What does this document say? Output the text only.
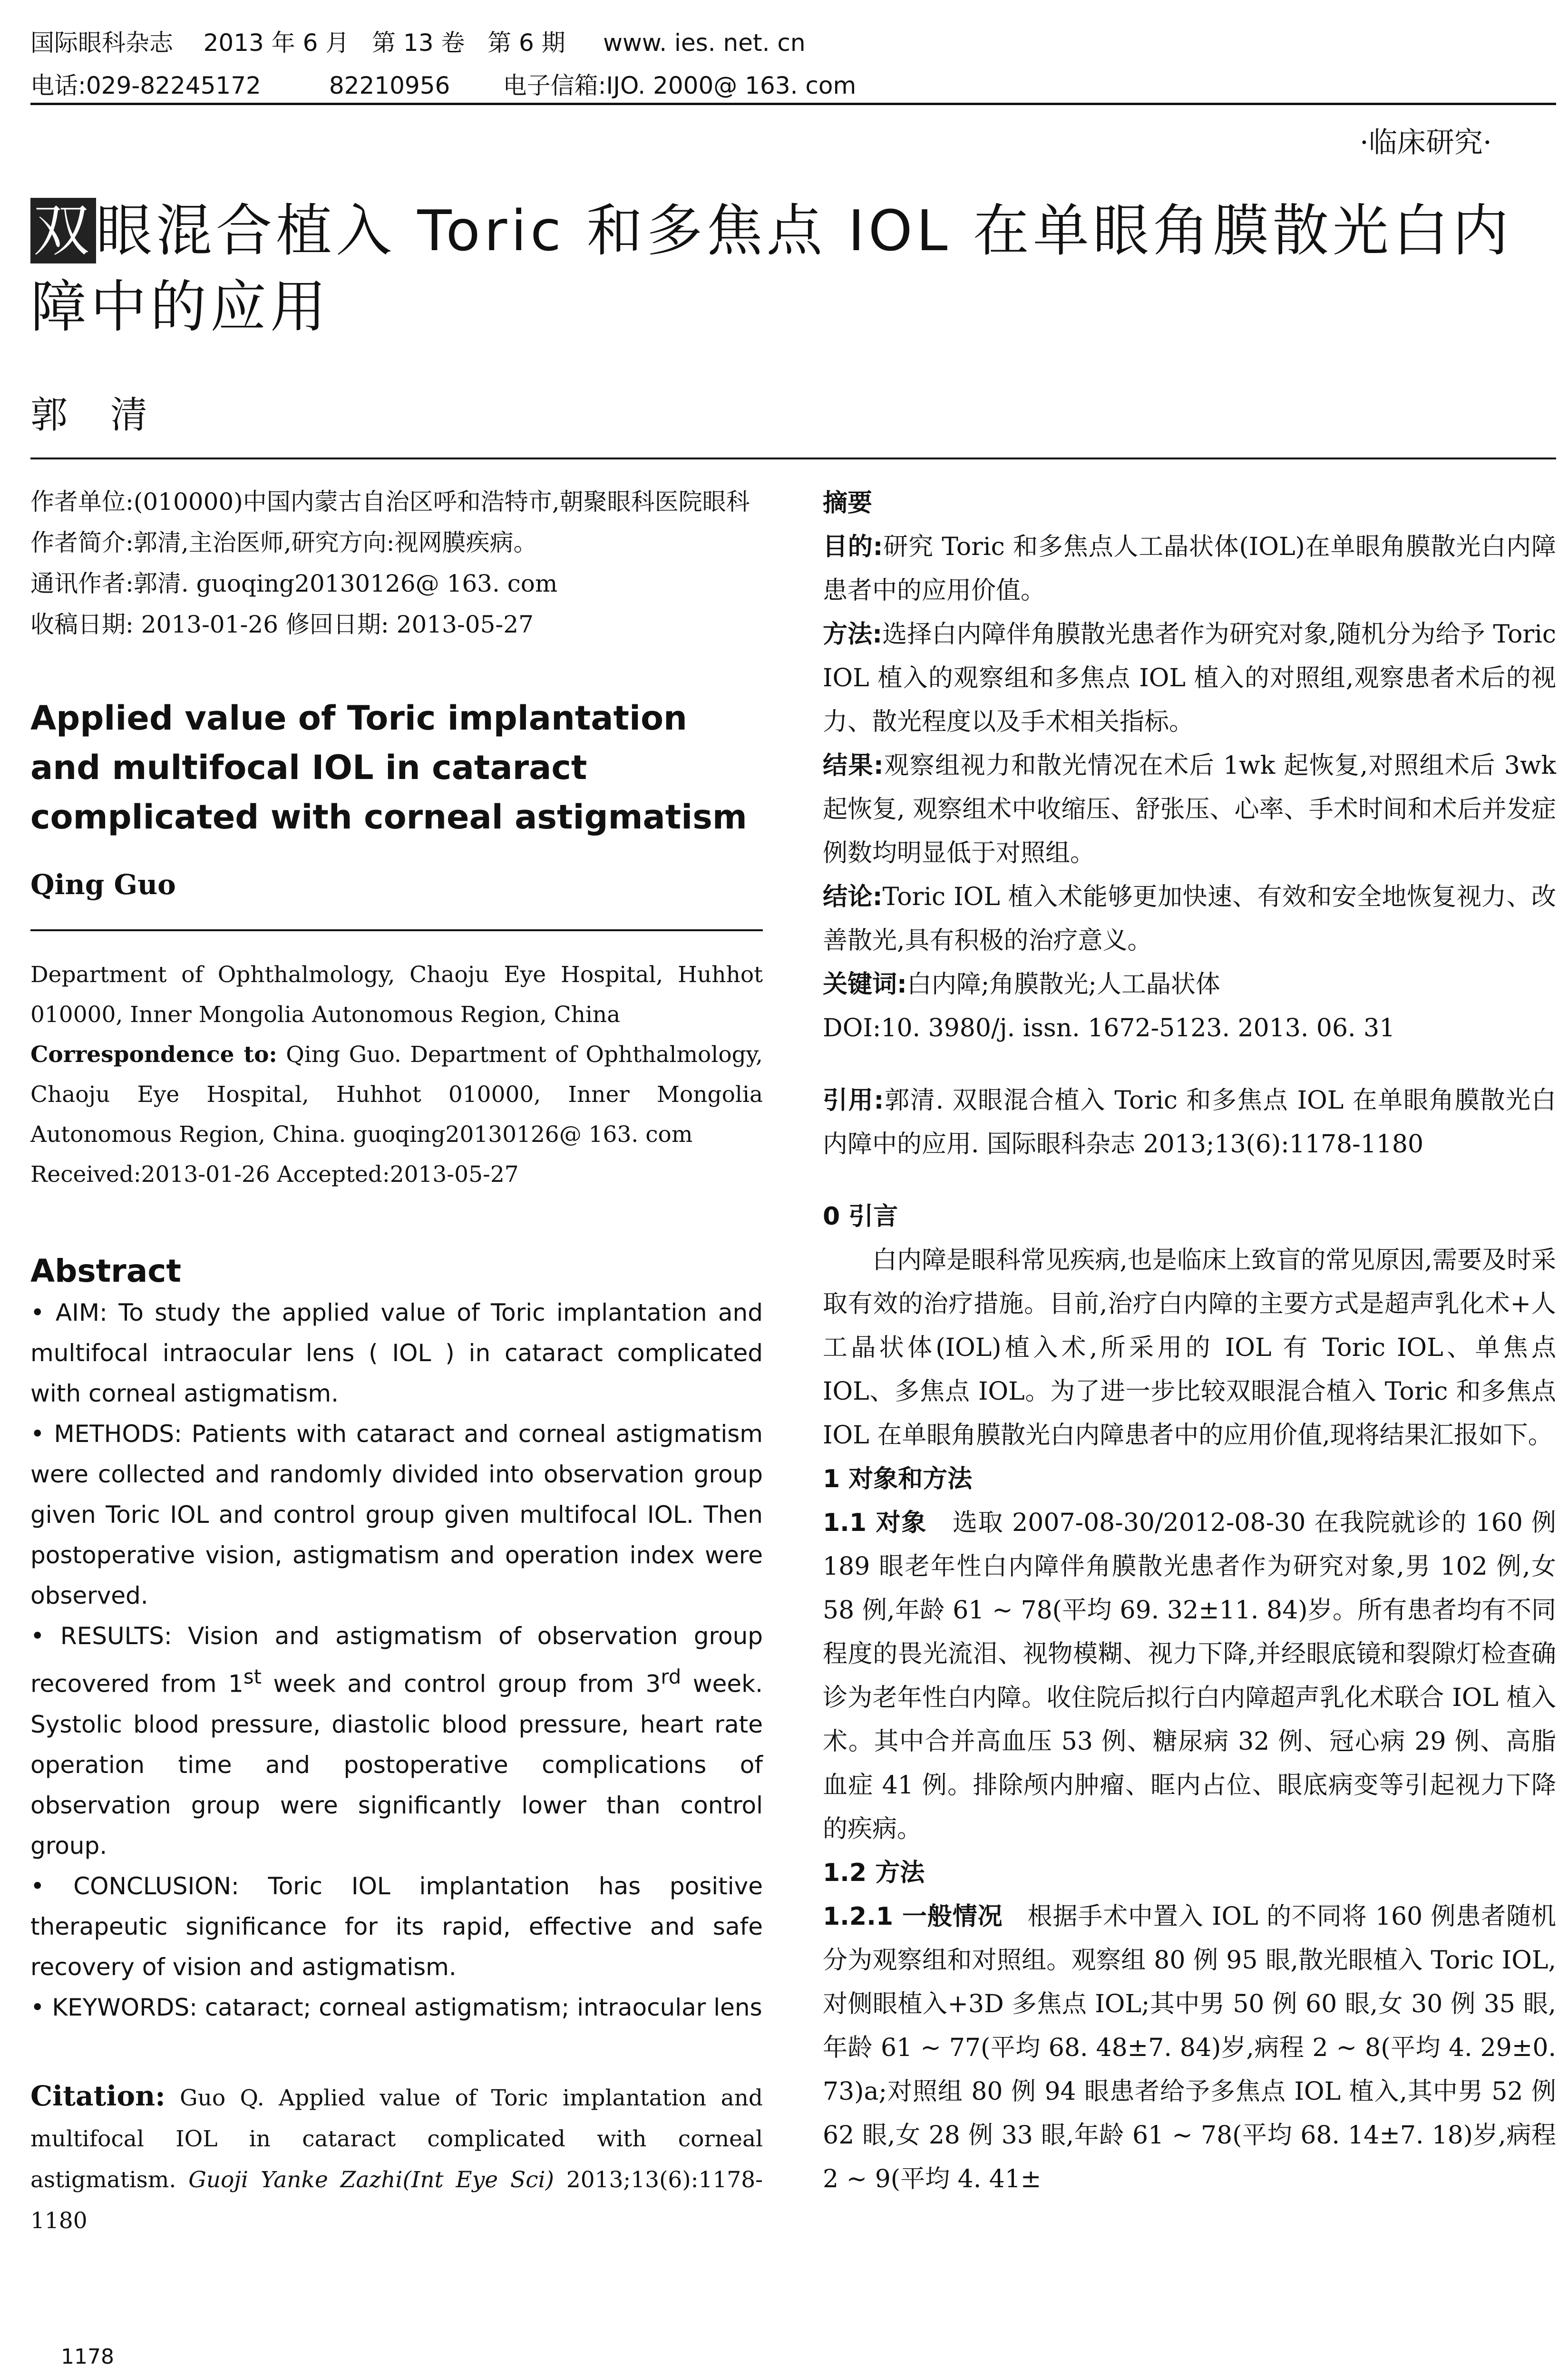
国际眼科杂志    2013 年 6 月   第 13 卷   第 6 期     www. ies. net. cn
电话:029-82245172         82210956       电子信箱:IJO. 2000@ 163. com
·临床研究·
双眼混合植入 Toric 和多焦点 IOL 在单眼角膜散光白内障中的应用
郭清

作者单位:(010000)中国内蒙古自治区呼和浩特市,朝聚眼科医院眼科

作者简介:郭清,主治医师,研究方向:视网膜疾病。

通讯作者:郭清. guoqing20130126@ 163. com

收稿日期: 2013-01-26 修回日期: 2013-05-27

Applied value of Toric implantation and multifocal IOL in cataract complicated with corneal astigmatism
Qing Guo

Department of Ophthalmology, Chaoju Eye Hospital, Huhhot 010000, Inner Mongolia Autonomous Region, China

Correspondence to: Qing Guo. Department of Ophthalmology, Chaoju Eye Hospital, Huhhot 010000, Inner Mongolia Autonomous Region, China. guoqing20130126@ 163. com

Received:2013-01-26 Accepted:2013-05-27

Abstract

• AIM: To study the applied value of Toric implantation and multifocal intraocular lens ( IOL ) in cataract complicated with corneal astigmatism.

• METHODS: Patients with cataract and corneal astigmatism were collected and randomly divided into observation group given Toric IOL and control group given multifocal IOL. Then postoperative vision, astigmatism and operation index were observed.

• RESULTS: Vision and astigmatism of observation group recovered from 1st week and control group from 3rd week. Systolic blood pressure, diastolic blood pressure, heart rate operation time and postoperative complications of observation group were significantly lower than control group.

• CONCLUSION: Toric IOL implantation has positive therapeutic significance for its rapid, effective and safe recovery of vision and astigmatism.

• KEYWORDS: cataract; corneal astigmatism; intraocular lens

Citation: Guo Q. Applied value of Toric implantation and multifocal IOL in cataract complicated with corneal astigmatism. Guoji Yanke Zazhi(Int Eye Sci) 2013;13(6):1178-1180

1178

摘要

目的:研究 Toric 和多焦点人工晶状体(IOL)在单眼角膜散光白内障患者中的应用价值。

方法:选择白内障伴角膜散光患者作为研究对象,随机分为给予 Toric IOL 植入的观察组和多焦点 IOL 植入的对照组,观察患者术后的视力、散光程度以及手术相关指标。

结果:观察组视力和散光情况在术后 1wk 起恢复,对照组术后 3wk 起恢复, 观察组术中收缩压、舒张压、心率、手术时间和术后并发症例数均明显低于对照组。

结论:Toric IOL 植入术能够更加快速、有效和安全地恢复视力、改善散光,具有积极的治疗意义。

关键词:白内障;角膜散光;人工晶状体

DOI:10. 3980/j. issn. 1672-5123. 2013. 06. 31

引用:郭清. 双眼混合植入 Toric 和多焦点 IOL 在单眼角膜散光白内障中的应用. 国际眼科杂志 2013;13(6):1178-1180

0 引言

白内障是眼科常见疾病,也是临床上致盲的常见原因,需要及时采取有效的治疗措施。目前,治疗白内障的主要方式是超声乳化术+人工晶状体(IOL)植入术,所采用的 IOL 有 Toric IOL、单焦点 IOL、多焦点 IOL。为了进一步比较双眼混合植入 Toric 和多焦点 IOL 在单眼角膜散光白内障患者中的应用价值,现将结果汇报如下。

1 对象和方法

1.1 对象 选取 2007-08-30/2012-08-30 在我院就诊的 160 例 189 眼老年性白内障伴角膜散光患者作为研究对象,男 102 例,女 58 例,年龄 61 ~ 78(平均 69. 32±11. 84)岁。所有患者均有不同程度的畏光流泪、视物模糊、视力下降,并经眼底镜和裂隙灯检查确诊为老年性白内障。收住院后拟行白内障超声乳化术联合 IOL 植入术。其中合并高血压 53 例、糖尿病 32 例、冠心病 29 例、高脂血症 41 例。排除颅内肿瘤、眶内占位、眼底病变等引起视力下降的疾病。

1.2 方法

1.2.1 一般情况 根据手术中置入 IOL 的不同将 160 例患者随机分为观察组和对照组。观察组 80 例 95 眼,散光眼植入 Toric IOL,对侧眼植入+3D 多焦点 IOL;其中男 50 例 60 眼,女 30 例 35 眼,年龄 61 ~ 77(平均 68. 48±7. 84)岁,病程 2 ~ 8(平均 4. 29±0. 73)a;对照组 80 例 94 眼患者给予多焦点 IOL 植入,其中男 52 例 62 眼,女 28 例 33 眼,年龄 61 ~ 78(平均 68. 14±7. 18)岁,病程 2 ~ 9(平均 4. 41±
